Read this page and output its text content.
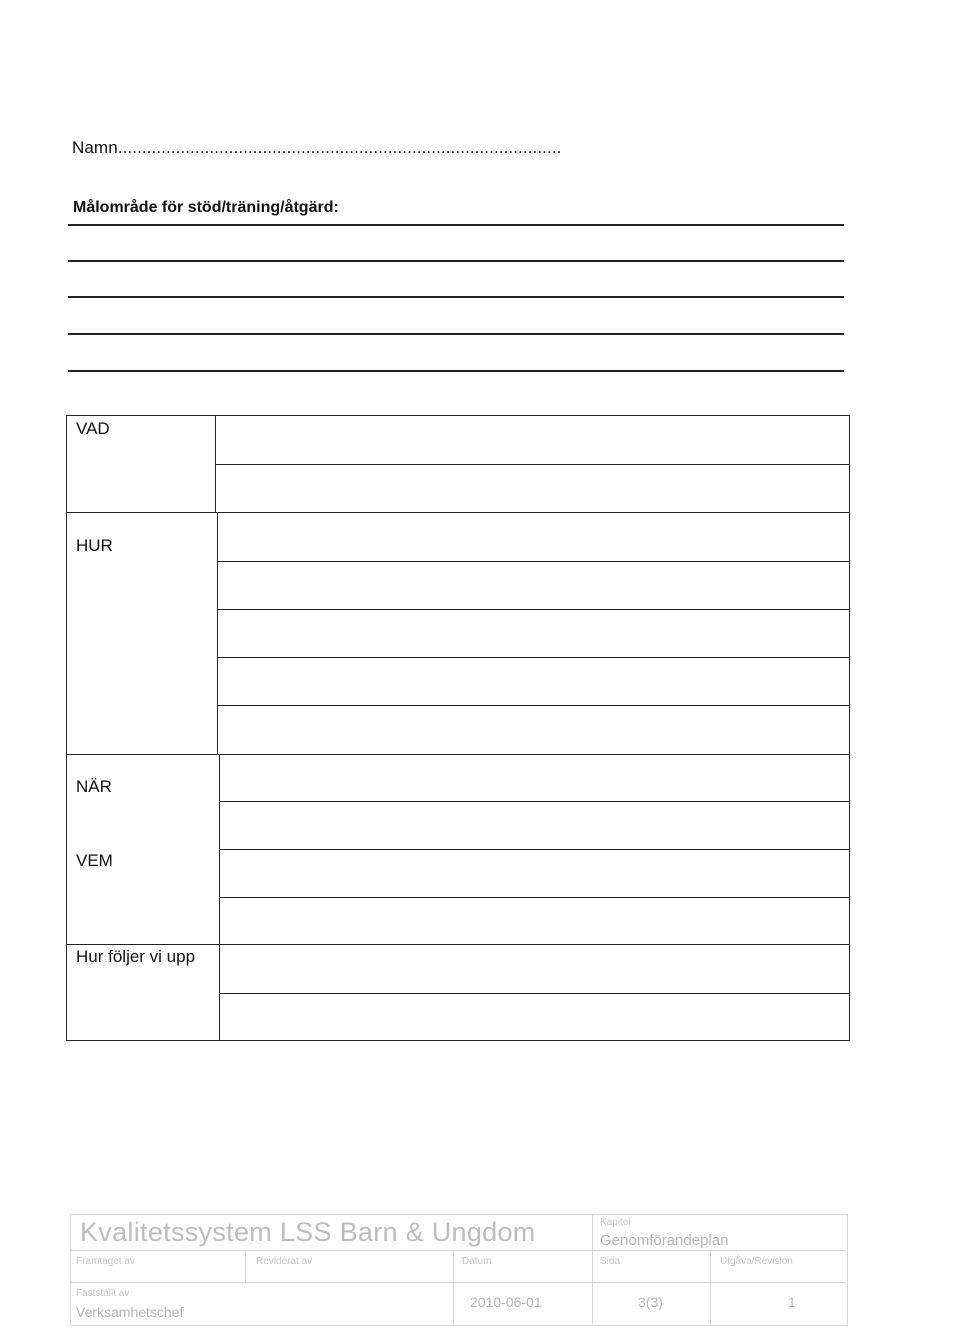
Namn............................................................................................
Målområde för stöd/träning/åtgärd:
VAD
HUR
NÄR
VEM
Hur följer vi upp
Kvalitetssystem LSS Barn & Ungdom	Kapitel
Genomförandeplan
Framtaget av	Reviderat av	Datum	Sida	Utgåva/Revision
Fastställt av
Verksamhetschef
2010-06-01	3(3)	1
